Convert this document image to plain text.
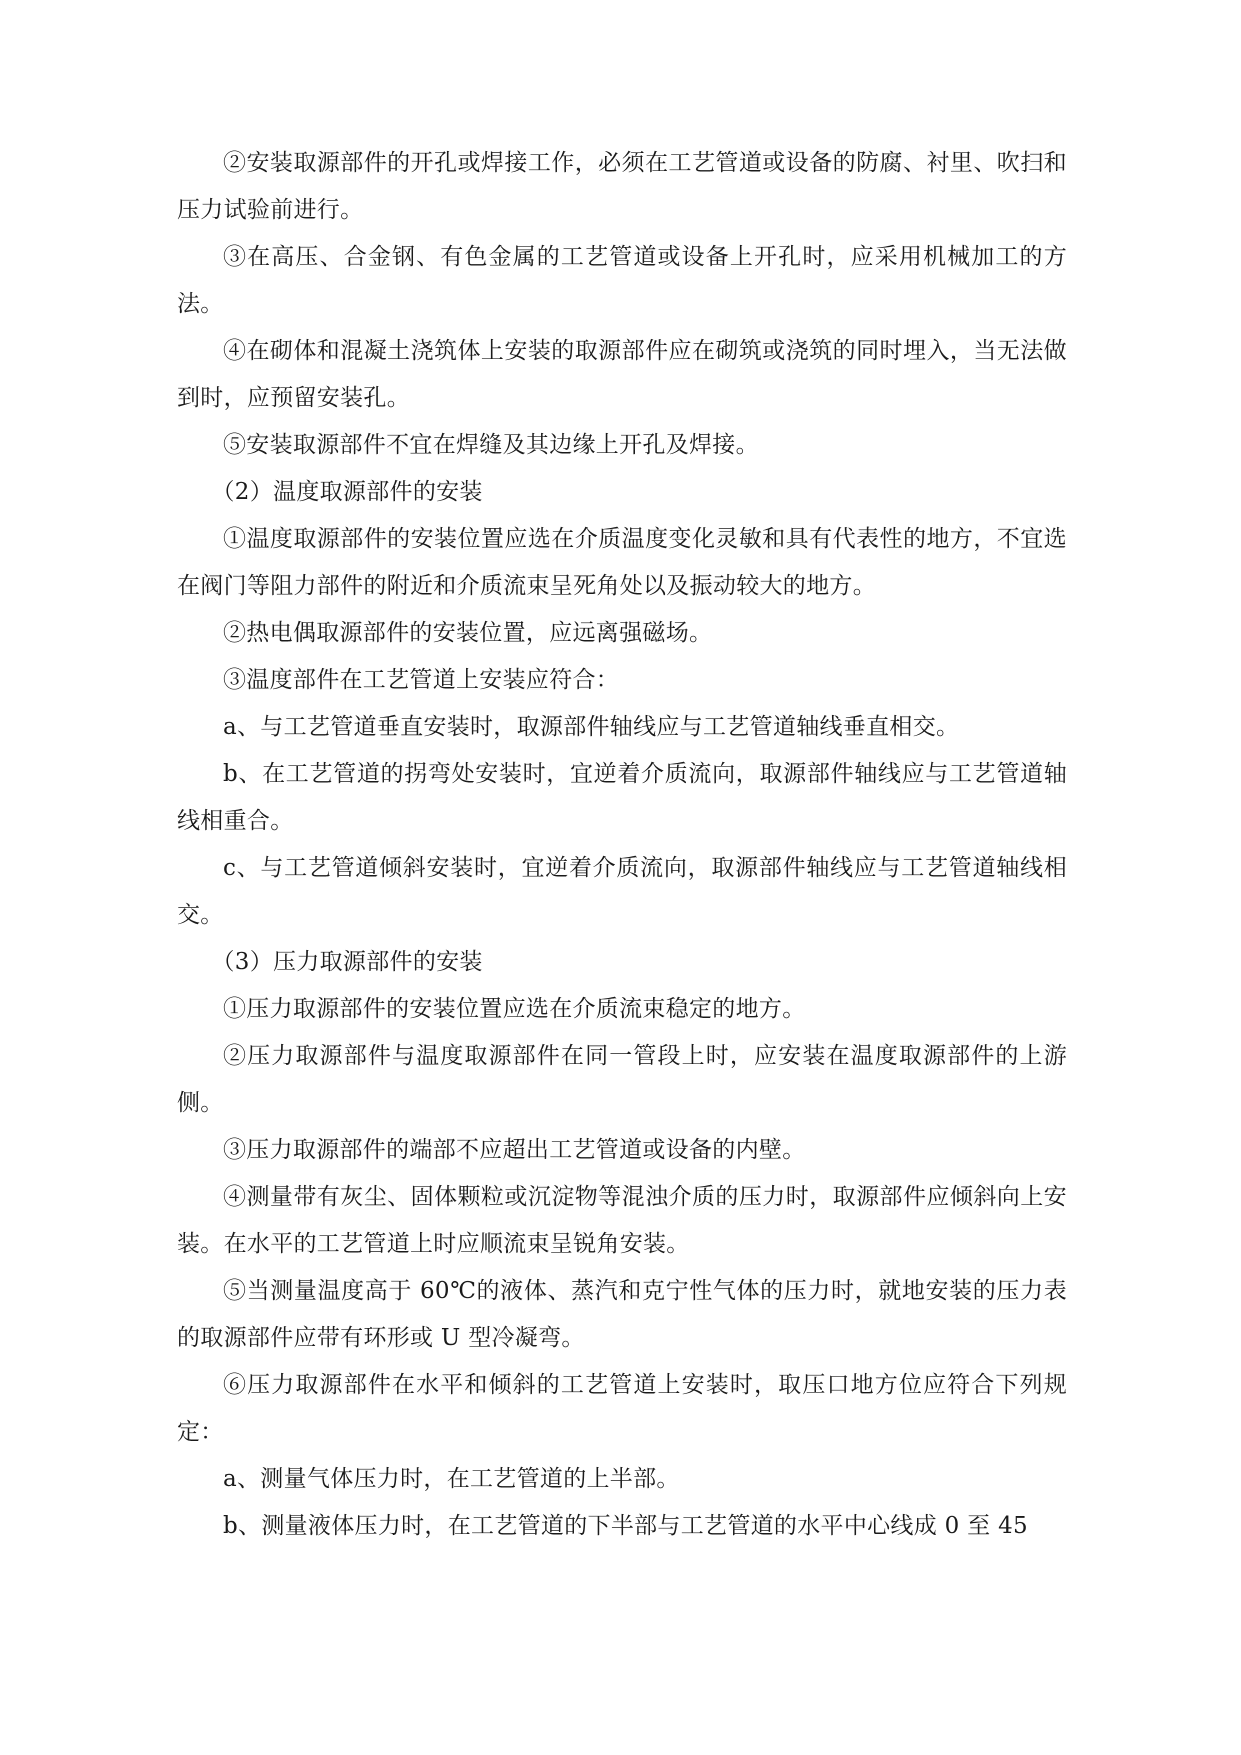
②安装取源部件的开孔或焊接工作，必须在工艺管道或设备的防腐、衬里、吹扫和压力试验前进行。

③在高压、合金钢、有色金属的工艺管道或设备上开孔时，应采用机械加工的方法。

④在砌体和混凝土浇筑体上安装的取源部件应在砌筑或浇筑的同时埋入，当无法做到时，应预留安装孔。

⑤安装取源部件不宜在焊缝及其边缘上开孔及焊接。

（2）温度取源部件的安装

①温度取源部件的安装位置应选在介质温度变化灵敏和具有代表性的地方，不宜选在阀门等阻力部件的附近和介质流束呈死角处以及振动较大的地方。

②热电偶取源部件的安装位置，应远离强磁场。

③温度部件在工艺管道上安装应符合：

a、与工艺管道垂直安装时，取源部件轴线应与工艺管道轴线垂直相交。

b、在工艺管道的拐弯处安装时，宜逆着介质流向，取源部件轴线应与工艺管道轴线相重合。

c、与工艺管道倾斜安装时，宜逆着介质流向，取源部件轴线应与工艺管道轴线相交。

（3）压力取源部件的安装

①压力取源部件的安装位置应选在介质流束稳定的地方。

②压力取源部件与温度取源部件在同一管段上时，应安装在温度取源部件的上游侧。

③压力取源部件的端部不应超出工艺管道或设备的内壁。

④测量带有灰尘、固体颗粒或沉淀物等混浊介质的压力时，取源部件应倾斜向上安装。在水平的工艺管道上时应顺流束呈锐角安装。

⑤当测量温度高于 60℃的液体、蒸汽和克宁性气体的压力时，就地安装的压力表的取源部件应带有环形或 U 型冷凝弯。

⑥压力取源部件在水平和倾斜的工艺管道上安装时，取压口地方位应符合下列规定：

a、测量气体压力时，在工艺管道的上半部。

b、测量液体压力时，在工艺管道的下半部与工艺管道的水平中心线成 0 至 45
